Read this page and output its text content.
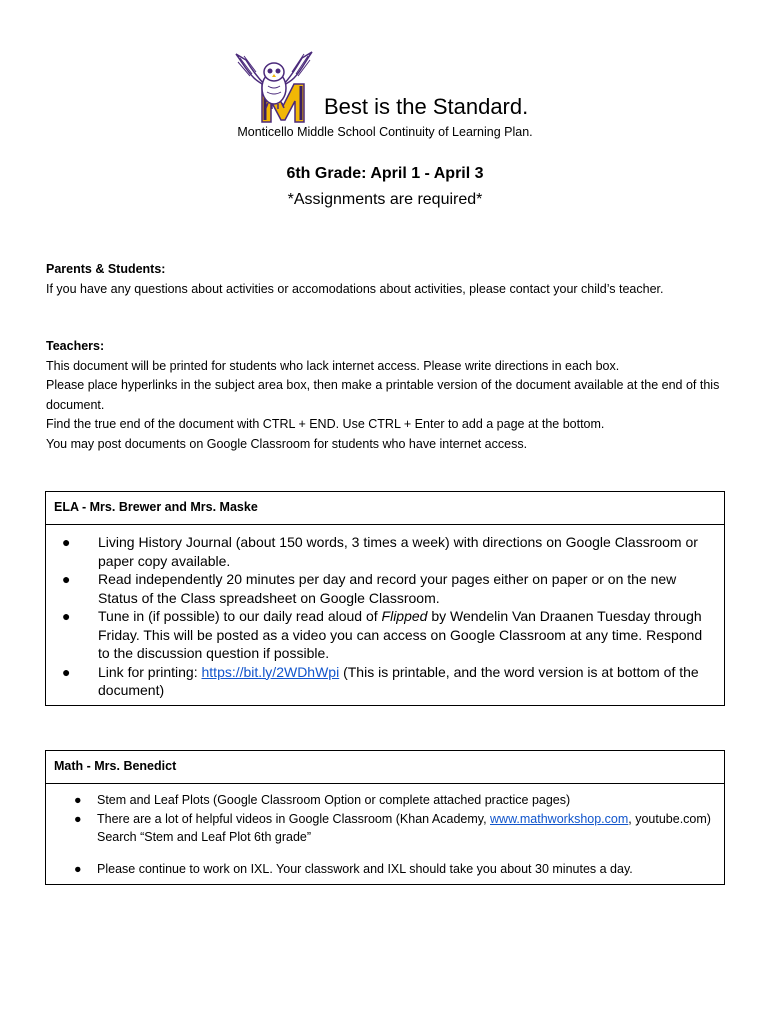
Best is the Standard.
Monticello Middle School Continuity of Learning Plan.
6th Grade: April 1 - April 3
*Assignments are required*
Parents & Students:
If you have any questions about activities or accomodations about activities, please contact your child’s teacher.
Teachers:
This document will be printed for students who lack internet access. Please write directions in each box.
Please place hyperlinks in the subject area box, then make a printable version of the document available at the end of this document.
Find the true end of the document with CTRL + END. Use CTRL + Enter to add a page at the bottom.
You may post documents on Google Classroom for students who have internet access.
ELA - Mrs. Brewer and Mrs. Maske
● Living History Journal (about 150 words, 3 times a week) with directions on Google Classroom or paper copy available.
● Read independently 20 minutes per day and record your pages either on paper or on the new Status of the Class spreadsheet on Google Classroom.
● Tune in (if possible) to our daily read aloud of Flipped by Wendelin Van Draanen Tuesday through Friday. This will be posted as a video you can access on Google Classroom at any time. Respond to the discussion question if possible.
● Link for printing: https://bit.ly/2WDhWpi (This is printable, and the word version is at bottom of the document)
Math - Mrs. Benedict
● Stem and Leaf Plots (Google Classroom Option or complete attached practice pages)
● There are a lot of helpful videos in Google Classroom (Khan Academy, www.mathworkshop.com, youtube.com) Search “Stem and Leaf Plot 6th grade”
● Please continue to work on IXL. Your classwork and IXL should take you about 30 minutes a day.
